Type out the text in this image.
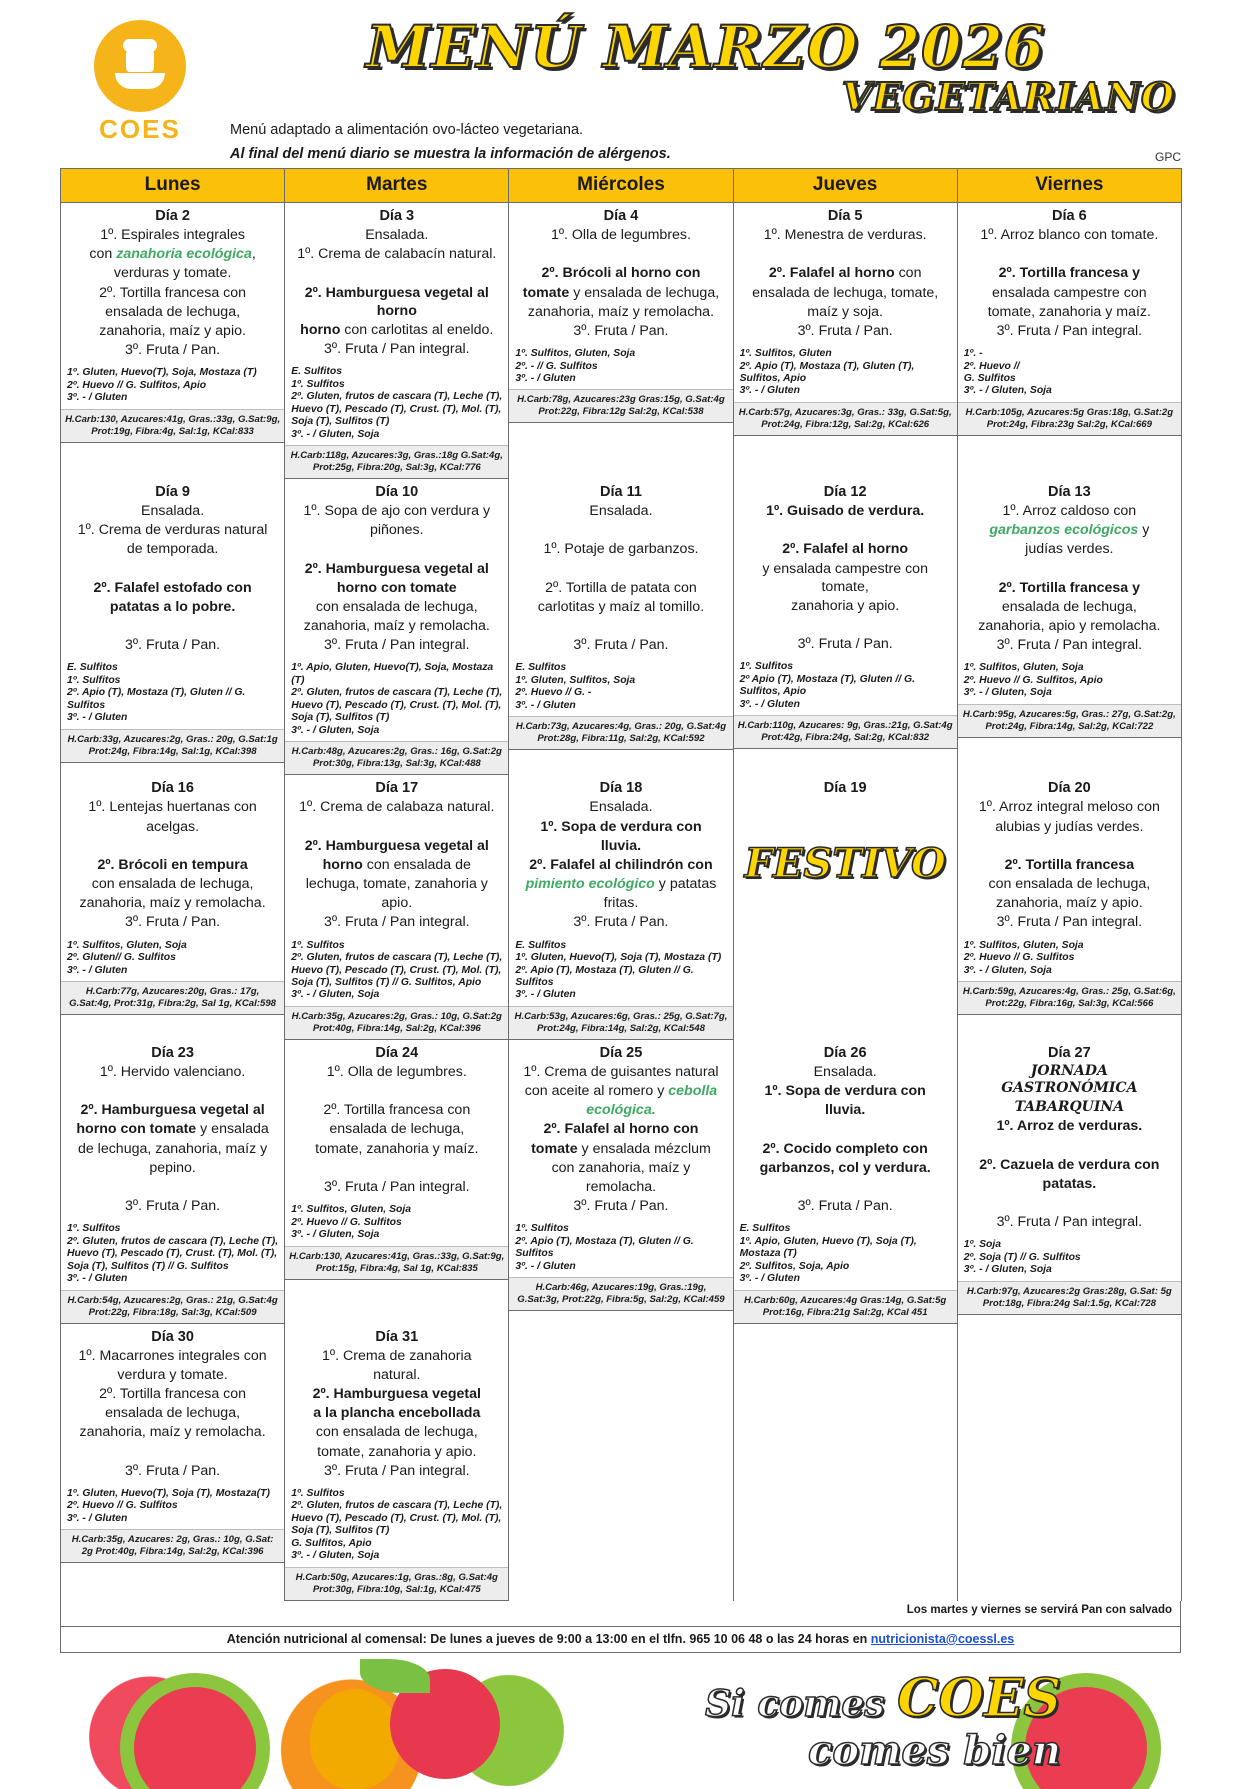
COES
MENÚ MARZO 2026
VEGETARIANO
Menú adaptado a alimentación ovo-lácteo vegetariana.
Al final del menú diario se muestra la información de alérgenos.	GPC
Lunes	Martes	Miércoles	Jueves	Viernes

Día 2

1º. Espirales integrales

con zanahoria ecológica,

verduras y tomate.

2º. Tortilla francesa con

ensalada de lechuga,

zanahoria, maíz y apio.

3º. Fruta / Pan.

1º. Gluten, Huevo(T), Soja, Mostaza (T)

2º. Huevo // G. Sulfitos, Apio

3º. - / Gluten

H.Carb:130, Azucares:41g, Gras.:33g, G.Sat:9g, Prot:19g, Fibra:4g, Sal:1g, KCal:833

Día 3

Ensalada.

1º. Crema de calabacín natural.

2º. Hamburguesa vegetal al horno

horno con carlotitas al eneldo.

3º. Fruta / Pan integral.

E. Sulfitos

1º. Sulfitos

2º. Gluten, frutos de cascara (T), Leche (T), Huevo (T), Pescado (T), Crust. (T), Mol. (T), Soja (T), Sulfitos (T)

3º. - / Gluten, Soja

H.Carb:118g, Azucares:3g, Gras.:18g G.Sat:4g, Prot:25g, Fibra:20g, Sal:3g, KCal:776

Día 4

1º. Olla de legumbres.

2º. Brócoli al horno con

tomate y ensalada de lechuga,

zanahoria, maíz y remolacha.

3º. Fruta / Pan.

1º. Sulfitos, Gluten, Soja

2º. - // G. Sulfitos

3º. - / Gluten

H.Carb:78g, Azucares:23g Gras:15g, G.Sat:4g Prot:22g, Fibra:12g Sal:2g, KCal:538

Día 5

1º. Menestra de verduras.

2º. Falafel al horno con

ensalada de lechuga, tomate,

maíz y soja.

3º. Fruta / Pan.

1º. Sulfitos, Gluten

2º. Apio (T), Mostaza (T), Gluten (T), Sulfitos, Apio

3º. - / Gluten

H.Carb:57g, Azucares:3g, Gras.: 33g, G.Sat:5g, Prot:24g, Fibra:12g, Sal:2g, KCal:626

Día 6

1º. Arroz blanco con tomate.

2º. Tortilla francesa y

ensalada campestre con

tomate, zanahoria y maíz.

3º. Fruta / Pan integral.

1º. -

2º. Huevo //

G. Sulfitos

3º. - / Gluten, Soja

H.Carb:105g, Azucares:5g Gras:18g, G.Sat:2g Prot:24g, Fibra:23g Sal:2g, KCal:669

Día 9

Ensalada.

1º. Crema de verduras natural

de temporada.

2º. Falafel estofado con

patatas a lo pobre.

3º. Fruta / Pan.

E. Sulfitos

1º. Sulfitos

2º. Apio (T), Mostaza (T), Gluten // G. Sulfitos

3º. - / Gluten

H.Carb:33g, Azucares:2g, Gras.: 20g, G.Sat:1g Prot:24g, Fibra:14g, Sal:1g, KCal:398

Día 10

1º. Sopa de ajo con verdura y

piñones.

2º. Hamburguesa vegetal al

horno con tomate

con ensalada de lechuga,

zanahoria, maíz y remolacha.

3º. Fruta / Pan integral.

1º. Apio, Gluten, Huevo(T), Soja, Mostaza (T)

2º. Gluten, frutos de cascara (T), Leche (T), Huevo (T), Pescado (T), Crust. (T), Mol. (T), Soja (T), Sulfitos (T)

3º. - / Gluten, Soja

H.Carb:48g, Azucares:2g, Gras.: 16g, G.Sat:2g Prot:30g, Fibra:13g, Sal:3g, KCal:488

Día 11

Ensalada.

1º. Potaje de garbanzos.

2º. Tortilla de patata con

carlotitas y maíz al tomillo.

3º. Fruta / Pan.

E. Sulfitos

1º. Gluten, Sulfitos, Soja

2º. Huevo // G. -

3º. - / Gluten

H.Carb:73g, Azucares:4g, Gras.: 20g, G.Sat:4g Prot:28g, Fibra:11g, Sal:2g, KCal:592

Día 12

1º. Guisado de verdura.

2º. Falafel al horno

y ensalada campestre con tomate,

zanahoria y apio.

3º. Fruta / Pan.

1º. Sulfitos

2º Apio (T), Mostaza (T), Gluten // G. Sulfitos, Apio

3º. - / Gluten

H.Carb:110g, Azucares: 9g, Gras.:21g, G.Sat:4g Prot:42g, Fibra:24g, Sal:2g, KCal:832

Día 13

1º. Arroz caldoso con

garbanzos ecológicos y

judías verdes.

2º. Tortilla francesa y

ensalada de lechuga,

zanahoria, apio y remolacha.

3º. Fruta / Pan integral.

1º. Sulfitos, Gluten, Soja

2º. Huevo // G. Sulfitos, Apio

3º. - / Gluten, Soja

H.Carb:95g, Azucares:5g, Gras.: 27g, G.Sat:2g, Prot:24g, Fibra:14g, Sal:2g, KCal:722

Día 16

1º. Lentejas huertanas con

acelgas.

2º. Brócoli en tempura

con ensalada de lechuga,

zanahoria, maíz y remolacha.

3º. Fruta / Pan.

1º. Sulfitos, Gluten, Soja

2º. Gluten// G. Sulfitos

3º. - / Gluten

H.Carb:77g, Azucares:20g, Gras.: 17g, G.Sat:4g, Prot:31g, Fibra:2g, Sal 1g, KCal:598

Día 17

1º. Crema de calabaza natural.

2º. Hamburguesa vegetal al

horno con ensalada de

lechuga, tomate, zanahoria y

apio.

3º. Fruta / Pan integral.

1º. Sulfitos

2º. Gluten, frutos de cascara (T), Leche (T), Huevo (T), Pescado (T), Crust. (T), Mol. (T), Soja (T), Sulfitos (T) // G. Sulfitos, Apio

3º. - / Gluten, Soja

H.Carb:35g, Azucares:2g, Gras.: 10g, G.Sat:2g Prot:40g, Fibra:14g, Sal:2g, KCal:396

Día 18

Ensalada.

1º. Sopa de verdura con

lluvia.

2º. Falafel al chilindrón con

pimiento ecológico y patatas

fritas.

3º. Fruta / Pan.

E. Sulfitos

1º. Gluten, Huevo(T), Soja (T), Mostaza (T)

2º. Apio (T), Mostaza (T), Gluten // G. Sulfitos

3º. - / Gluten

H.Carb:53g, Azucares:6g, Gras.: 25g, G.Sat:7g, Prot:24g, Fibra:14g, Sal:2g, KCal:548

Día 19
FESTIVO

Día 20

1º. Arroz integral meloso con

alubias y judías verdes.

2º. Tortilla francesa

con ensalada de lechuga,

zanahoria, maíz y apio.

3º. Fruta / Pan integral.

1º. Sulfitos, Gluten, Soja

2º. Huevo // G. Sulfitos

3º. - / Gluten, Soja

H.Carb:59g, Azucares:4g, Gras.: 25g, G.Sat:6g, Prot:22g, Fibra:16g, Sal:3g, KCal:566

Día 23

1º. Hervido valenciano.

2º. Hamburguesa vegetal al

horno con tomate y ensalada

de lechuga, zanahoria, maíz y

pepino.

3º. Fruta / Pan.

1º. Sulfitos

2º. Gluten, frutos de cascara (T), Leche (T), Huevo (T), Pescado (T), Crust. (T), Mol. (T), Soja (T), Sulfitos (T) // G. Sulfitos

3º. - / Gluten

H.Carb:54g, Azucares:2g, Gras.: 21g, G.Sat:4g Prot:22g, Fibra:18g, Sal:3g, KCal:509

Día 24

1º. Olla de legumbres.

2º. Tortilla francesa con

ensalada de lechuga,

tomate, zanahoria y maíz.

3º. Fruta / Pan integral.

1º. Sulfitos, Gluten, Soja

2º. Huevo // G. Sulfitos

3º. - / Gluten, Soja

H.Carb:130, Azucares:41g, Gras.:33g, G.Sat:9g, Prot:15g, Fibra:4g, Sal 1g, KCal:835

Día 25

1º. Crema de guisantes natural

con aceite al romero y cebolla

ecológica.

2º. Falafel al horno con

tomate y ensalada mézclum

con zanahoria, maíz y

remolacha.

3º. Fruta / Pan.

1º. Sulfitos

2º. Apio (T), Mostaza (T), Gluten // G. Sulfitos

3º. - / Gluten

H.Carb:46g, Azucares:19g, Gras.:19g, G.Sat:3g, Prot:22g, Fibra:5g, Sal:2g, KCal:459

Día 26

Ensalada.

1º. Sopa de verdura con

lluvia.

2º. Cocido completo con

garbanzos, col y verdura.

3º. Fruta / Pan.

E. Sulfitos

1º. Apio, Gluten, Huevo (T), Soja (T), Mostaza (T)

2º. Sulfitos, Soja, Apio

3º. - / Gluten

H.Carb:60g, Azucares:4g Gras:14g, G.Sat:5g Prot:16g, Fibra:21g Sal:2g, KCal 451

Día 27

JORNADA GASTRONÓMICA

TABARQUINA

1º. Arroz de verduras.

2º. Cazuela de verdura con

patatas.

3º. Fruta / Pan integral.

1º. Soja

2º. Soja (T) // G. Sulfitos

3º. - / Gluten, Soja

H.Carb:97g, Azucares:2g Gras:28g, G.Sat: 5g Prot:18g, Fibra:24g Sal:1.5g, KCal:728

Día 30

1º. Macarrones integrales con

verdura y tomate.

2º. Tortilla francesa con

ensalada de lechuga,

zanahoria, maíz y remolacha.

3º. Fruta / Pan.

1º. Gluten, Huevo(T), Soja (T), Mostaza(T)

2º. Huevo // G. Sulfitos

3º. - / Gluten

H.Carb:35g, Azucares: 2g, Gras.: 10g, G.Sat: 2g Prot:40g, Fibra:14g, Sal:2g, KCal:396

Día 31

1º. Crema de zanahoria

natural.

2º. Hamburguesa vegetal

a la plancha encebollada

con ensalada de lechuga,

tomate, zanahoria y apio.

3º. Fruta / Pan integral.

1º. Sulfitos

2º. Gluten, frutos de cascara (T), Leche (T), Huevo (T), Pescado (T), Crust. (T), Mol. (T), Soja (T), Sulfitos (T)

G. Sulfitos, Apio

3º. - / Gluten, Soja

H.Carb:50g, Azucares:1g, Gras.:8g, G.Sat:4g Prot:30g, Fibra:10g, Sal:1g, KCal:475

Los martes y viernes se servirá Pan con salvado
Atención nutricional al comensal: De lunes a jueves de 9:00 a 13:00 en el tlfn. 965 10 06 48 o las 24 horas en nutricionista@coessl.es
Si comes COES
comes bien
